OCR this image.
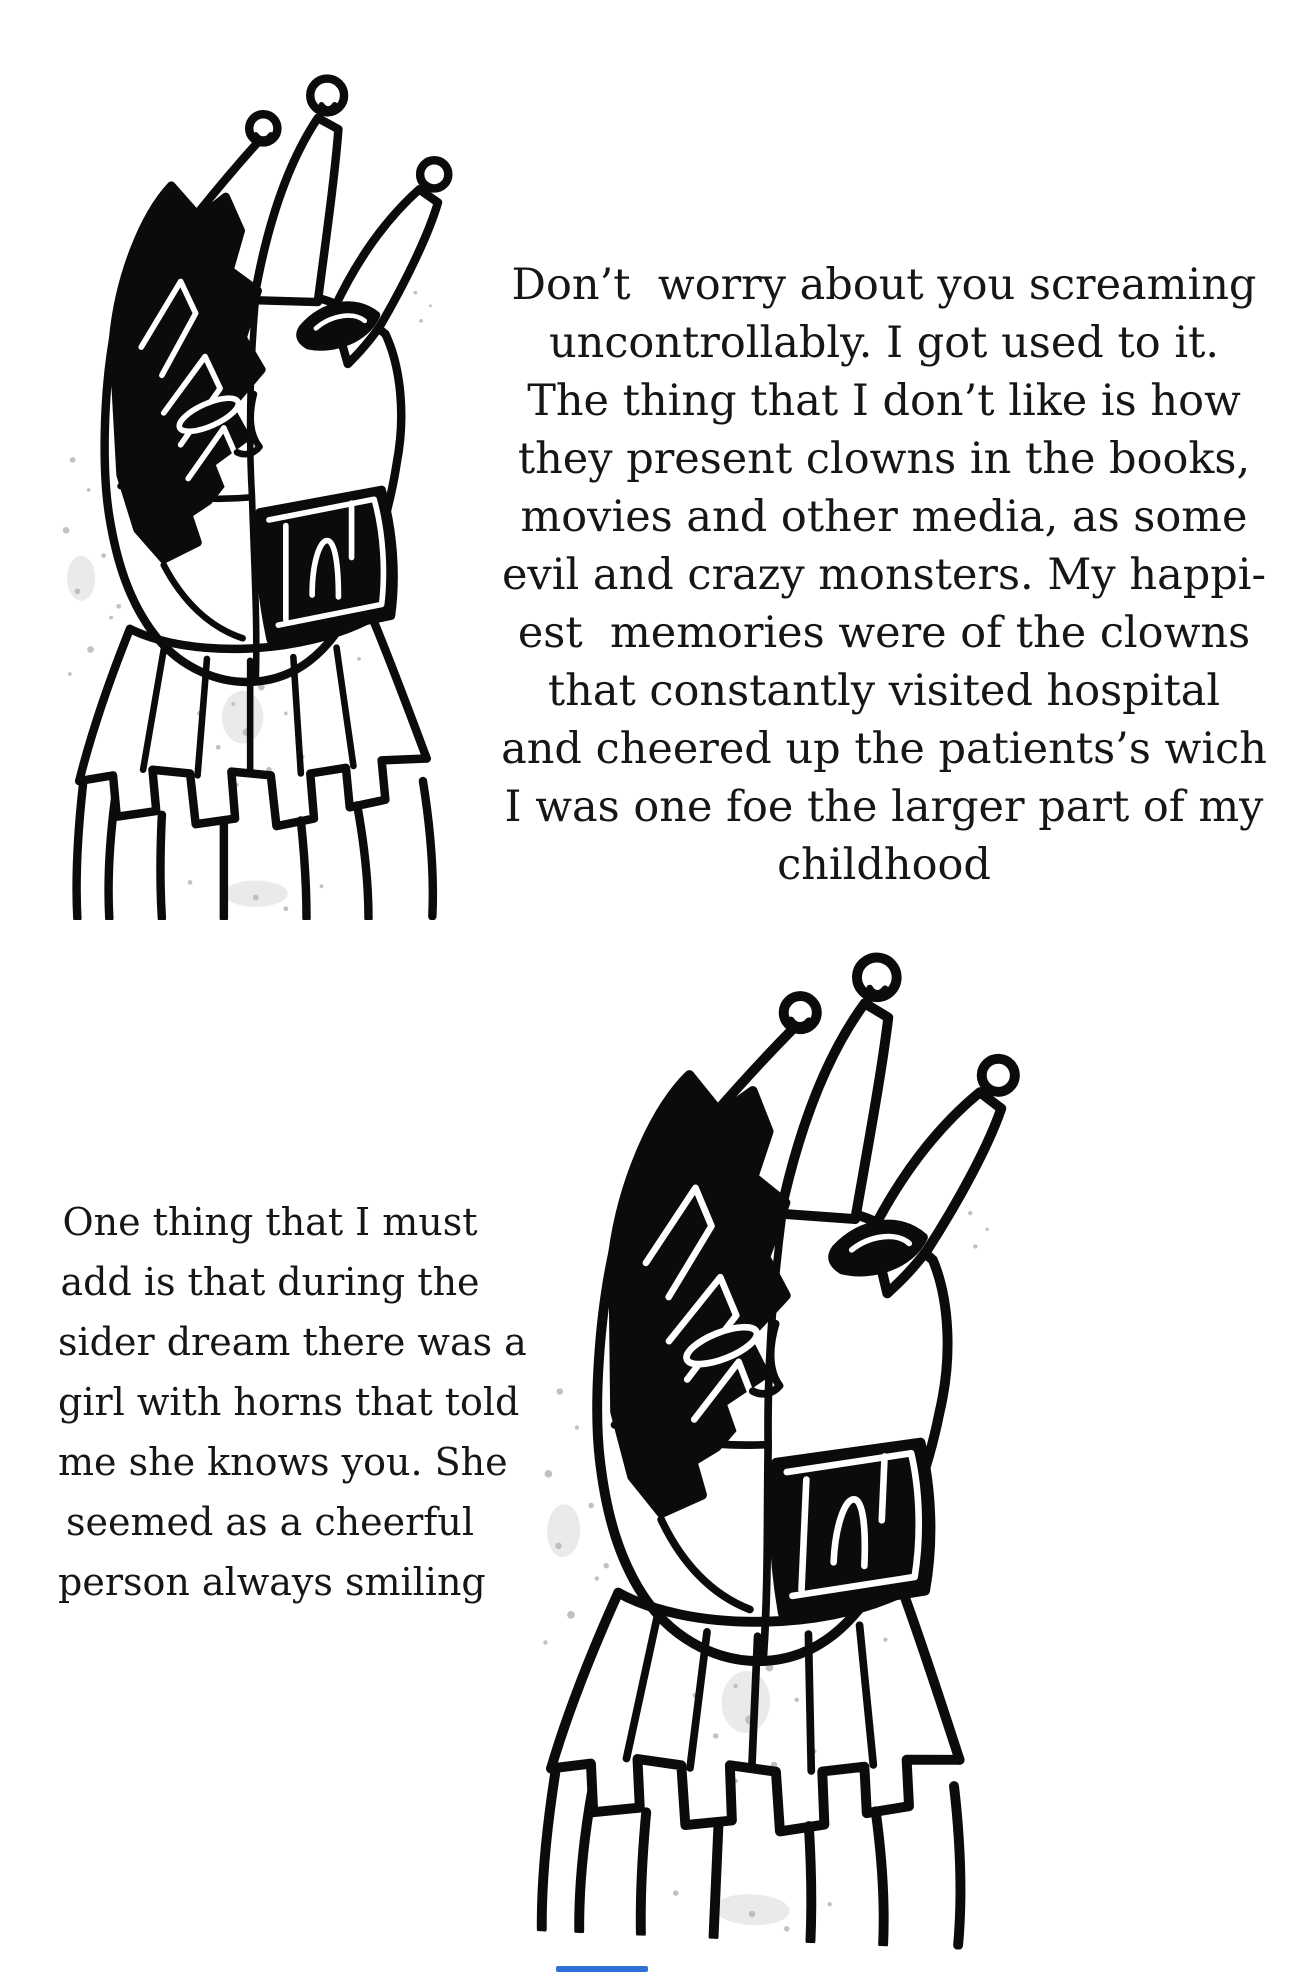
Don’t  worry about you screaming
uncontrollably. I got used to it.
The thing that I don’t like is how
they present clowns in the books,
movies and other media, as some
evil and crazy monsters. My happi-
est  memories were of the clowns
that constantly visited hospital
and cheered up the patients’s wich
I was one foe the larger part of my
childhood
One thing that I must
add is that during the
sider dream there was a
girl with horns that told
me she knows you. She
seemed as a cheerful
person always smiling
